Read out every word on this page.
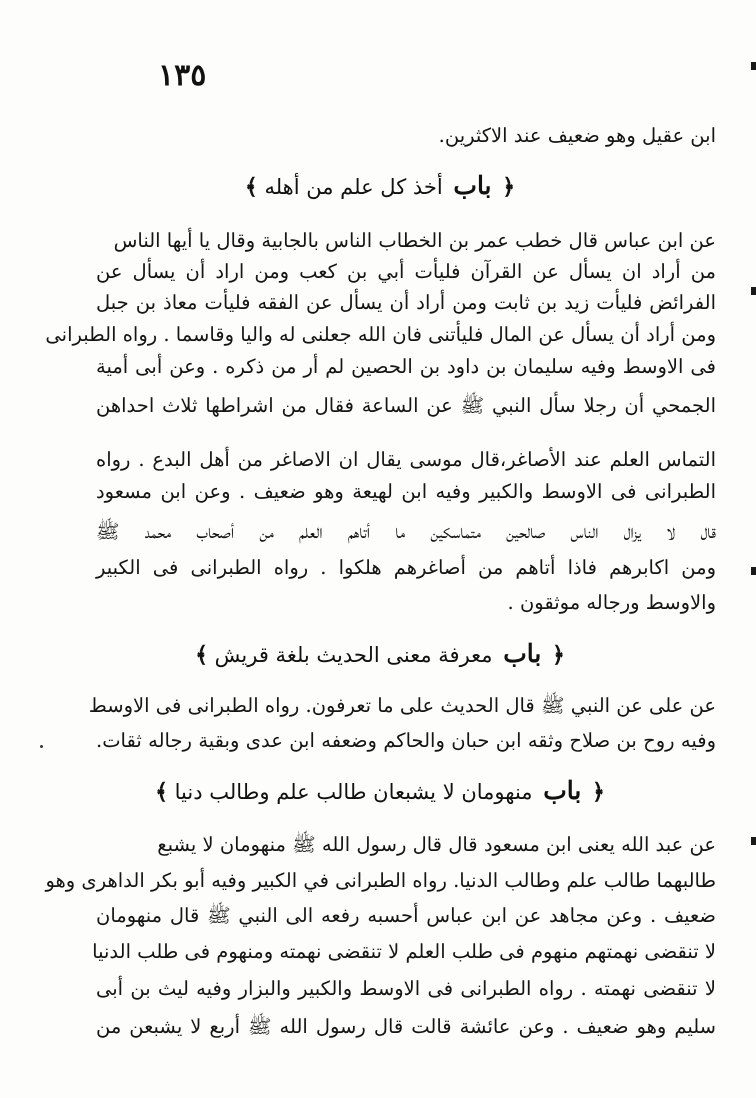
١٣٥
ابن عقيل وهو ضعيف عند الاكثرين.
﴿ باب أخذ كل علم من أهله ﴾
عن ابن عباس قال خطب عمر بن الخطاب الناس بالجابية وقال يا أيها الناس
من أراد ان يسأل عن القرآن فليأت أبي بن كعب ومن اراد أن يسأل عن
الفرائض فليأت زيد بن ثابت ومن أراد أن يسأل عن الفقه فليأت معاذ بن جبل
ومن أراد أن يسأل عن المال فليأتنى فان الله جعلنى له واليا وقاسما . رواه الطبرانى
فى الاوسط وفيه سليمان بن داود بن الحصين لم أر من ذكره . وعن أبى أمية
الجمحي أن رجلا سأل النبي ﷺ عن الساعة فقال من اشراطها ثلاث احداهن
التماس العلم عند الأصاغر،قال موسى يقال ان الاصاغر من أهل البدع . رواه
الطبرانى فى الاوسط والكبير وفيه ابن لهيعة وهو ضعيف . وعن ابن مسعود
قال لا يزال الناس صالحين متماسكين ما أتاهم العلم من أصحاب محمد ﷺ
ومن اكابرهم فاذا أتاهم من أصاغرهم هلكوا . رواه الطبرانى فى الكبير
والاوسط ورجاله موثقون .
﴿ باب معرفة معنى الحديث بلغة قريش ﴾
عن على عن النبي ﷺ قال الحديث على ما تعرفون. رواه الطبرانى فى الاوسط
وفيه روح بن صلاح وثقه ابن حبان والحاكم وضعفه ابن عدى وبقية رجاله ثقات.
﴿ باب منهومان لا يشبعان طالب علم وطالب دنيا ﴾
عن عبد الله يعنى ابن مسعود قال قال رسول الله ﷺ منهومان لا يشبع
طالبهما طالب علم وطالب الدنيا. رواه الطبرانى في الكبير وفيه أبو بكر الداهرى وهو
ضعيف . وعن مجاهد عن ابن عباس أحسبه رفعه الى النبي ﷺ قال منهومان
لا تنقضى نهمتهم منهوم فى طلب العلم لا تنقضى نهمته ومنهوم فى طلب الدنيا
لا تنقضى نهمته . رواه الطبرانى فى الاوسط والكبير والبزار وفيه ليث بن أبى
سليم وهو ضعيف . وعن عائشة قالت قال رسول الله ﷺ أربع لا يشبعن من
